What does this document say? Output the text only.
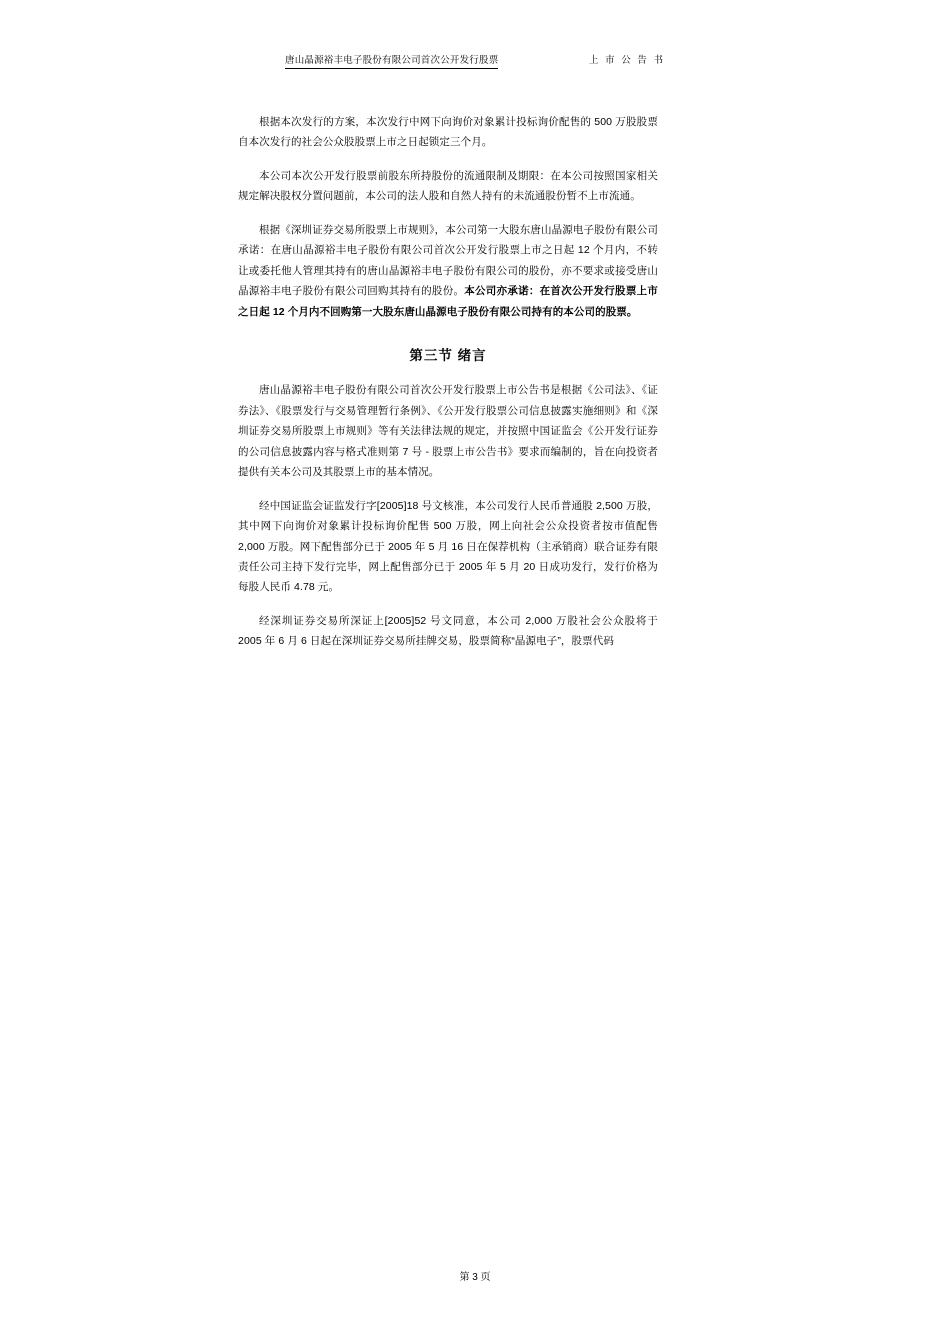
唐山晶源裕丰电子股份有限公司首次公开发行股票	上 市 公 告 书

根据本次发行的方案，本次发行中网下向询价对象累计投标询价配售的 500 万股股票自本次发行的社会公众股股票上市之日起锁定三个月。

本公司本次公开发行股票前股东所持股份的流通限制及期限：在本公司按照国家相关规定解决股权分置问题前，本公司的法人股和自然人持有的未流通股份暂不上市流通。

根据《深圳证券交易所股票上市规则》，本公司第一大股东唐山晶源电子股份有限公司承诺：在唐山晶源裕丰电子股份有限公司首次公开发行股票上市之日起 12 个月内，不转让或委托他人管理其持有的唐山晶源裕丰电子股份有限公司的股份，亦不要求或接受唐山晶源裕丰电子股份有限公司回购其持有的股份。本公司亦承诺：在首次公开发行股票上市之日起 12 个月内不回购第一大股东唐山晶源电子股份有限公司持有的本公司的股票。

第三节 绪言

唐山晶源裕丰电子股份有限公司首次公开发行股票上市公告书是根据《公司法》、《证券法》、《股票发行与交易管理暂行条例》、《公开发行股票公司信息披露实施细则》和《深圳证券交易所股票上市规则》等有关法律法规的规定，并按照中国证监会《公开发行证券的公司信息披露内容与格式准则第 7 号 - 股票上市公告书》要求而编制的，旨在向投资者提供有关本公司及其股票上市的基本情况。

经中国证监会证监发行字[2005]18 号文核准，本公司发行人民币普通股 2,500 万股，其中网下向询价对象累计投标询价配售 500 万股，网上向社会公众投资者按市值配售 2,000 万股。网下配售部分已于 2005 年 5 月 16 日在保荐机构（主承销商）联合证券有限责任公司主持下发行完毕，网上配售部分已于 2005 年 5 月 20 日成功发行，发行价格为每股人民币 4.78 元。

经深圳证券交易所深证上[2005]52 号文同意，本公司 2,000 万股社会公众股将于 2005 年 6 月 6 日起在深圳证券交易所挂牌交易，股票简称“晶源电子”，股票代码

第 3 页
